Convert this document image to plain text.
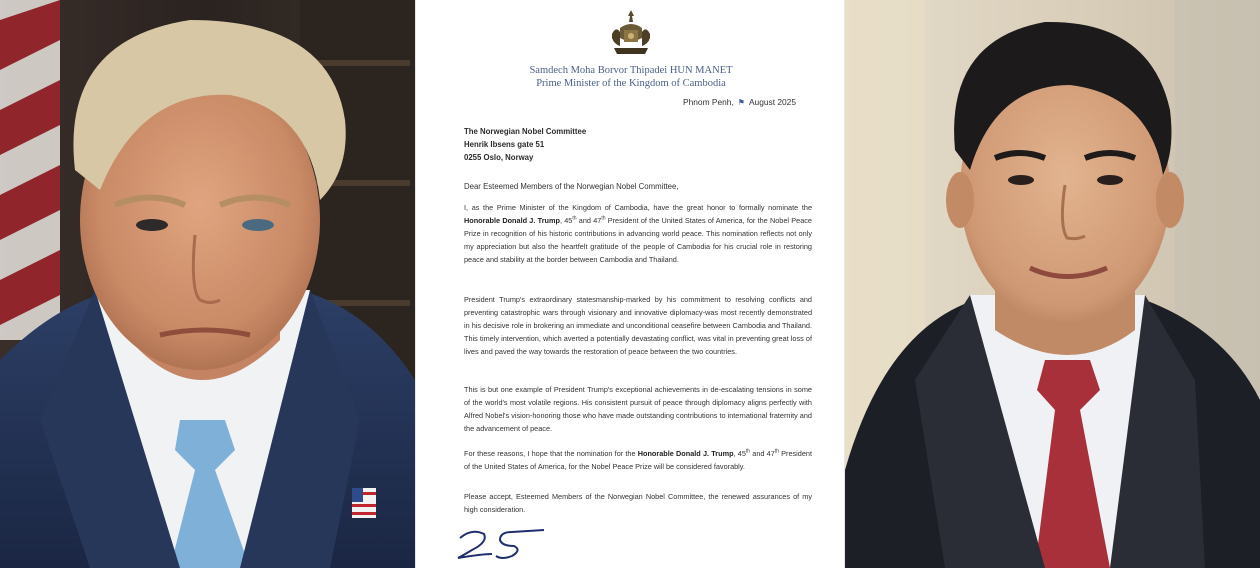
Samdech Moha Borvor Thipadei HUN MANET
Prime Minister of the Kingdom of Cambodia
Phnom Penh, ⚑ August 2025
The Norwegian Nobel Committee
Henrik Ibsens gate 51
0255 Oslo, Norway
Dear Esteemed Members of the Norwegian Nobel Committee,

I, as the Prime Minister of the Kingdom of Cambodia, have the great honor to formally nominate the Honorable Donald J. Trump, 45th and 47th President of the United States of America, for the Nobel Peace Prize in recognition of his historic contributions in advancing world peace. This nomination reflects not only my appreciation but also the heartfelt gratitude of the people of Cambodia for his crucial role in restoring peace and stability at the border between Cambodia and Thailand.

President Trump's extraordinary statesmanship-marked by his commitment to resolving conflicts and preventing catastrophic wars through visionary and innovative diplomacy-was most recently demonstrated in his decisive role in brokering an immediate and unconditional ceasefire between Cambodia and Thailand. This timely intervention, which averted a potentially devastating conflict, was vital in preventing great loss of lives and paved the way towards the restoration of peace between the two countries.

This is but one example of President Trump's exceptional achievements in de-escalating tensions in some of the world's most volatile regions. His consistent pursuit of peace through diplomacy aligns perfectly with Alfred Nobel's vision-honoring those who have made outstanding contributions to international fraternity and the advancement of peace.

For these reasons, I hope that the nomination for the Honorable Donald J. Trump, 45th and 47th President of the United States of America, for the Nobel Peace Prize will be considered favorably.

Please accept, Esteemed Members of the Norwegian Nobel Committee, the renewed assurances of my high consideration.
